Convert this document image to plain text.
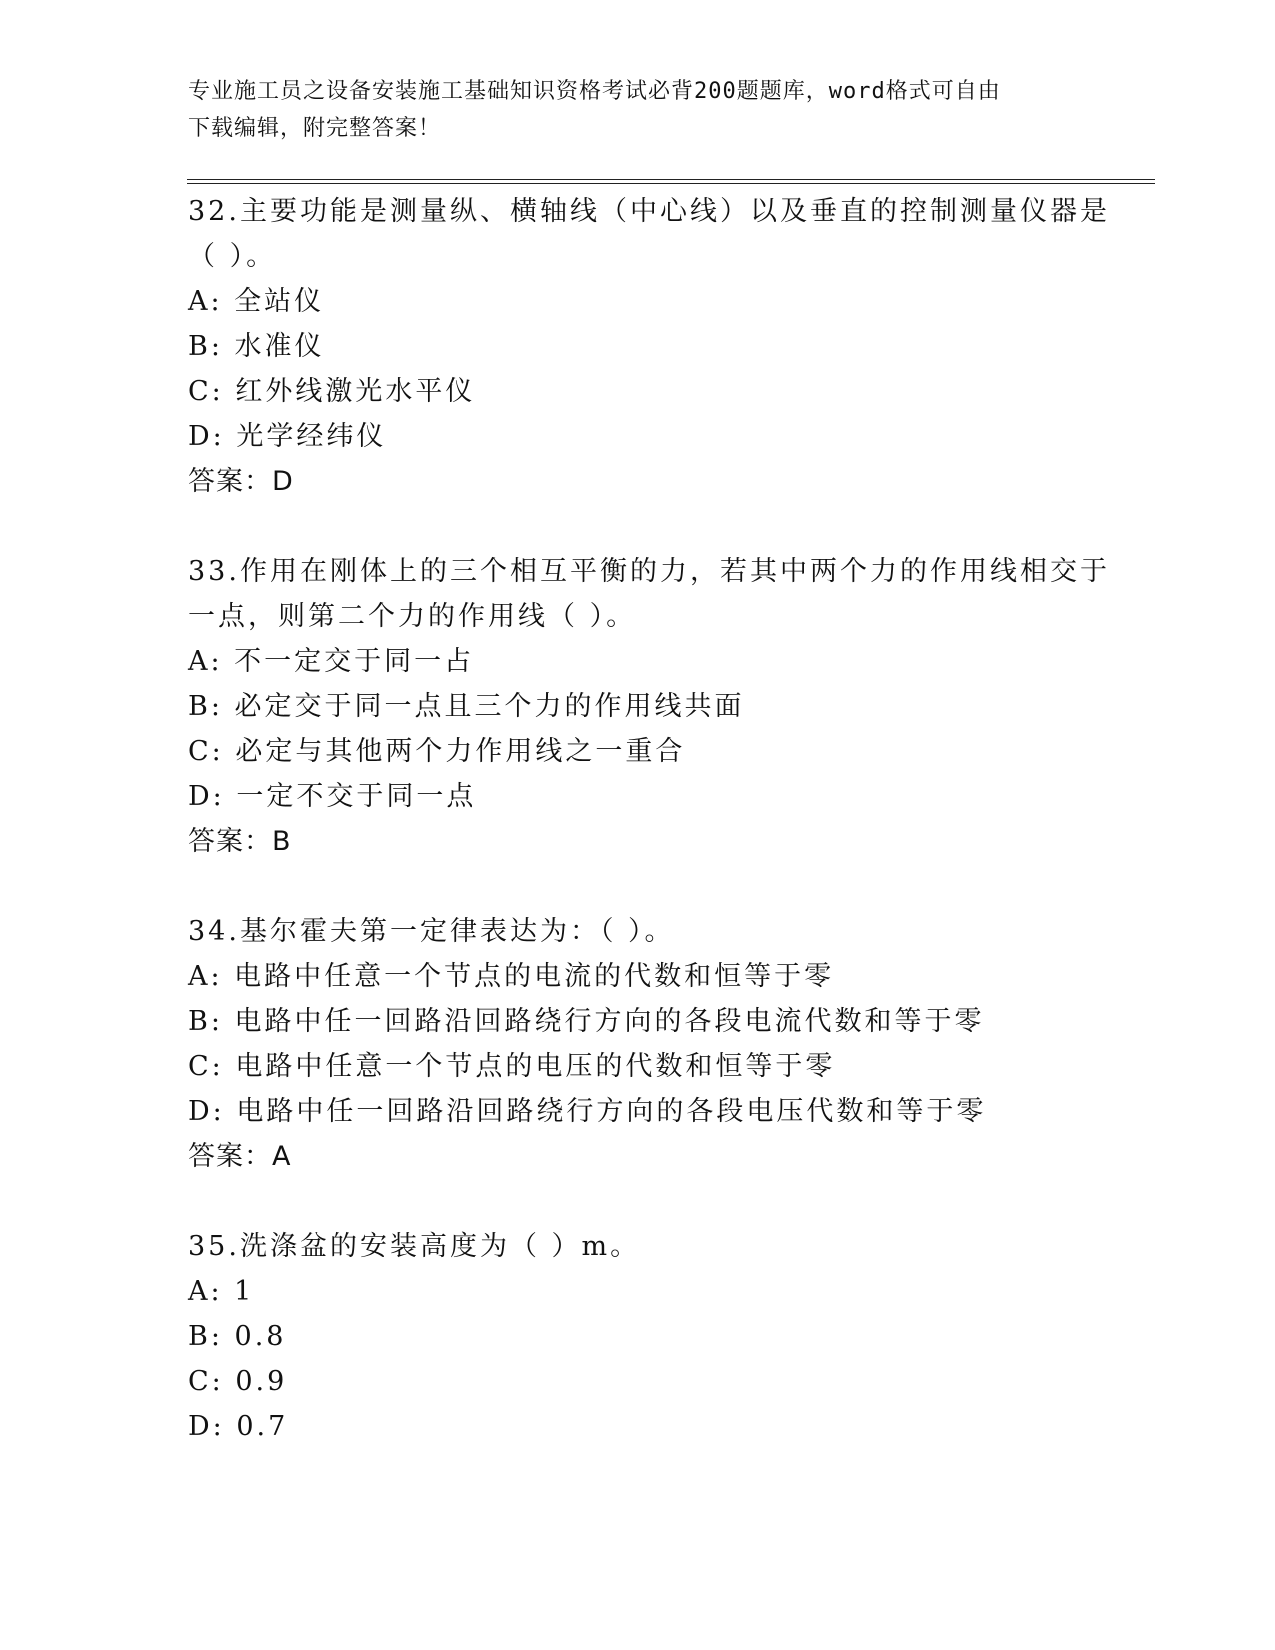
专业施工员之设备安装施工基础知识资格考试必背200题题库，word格式可自由
下载编辑，附完整答案！
32.主要功能是测量纵、横轴线（中心线）以及垂直的控制测量仪器是
（ ）。
A: 全站仪
B: 水准仪
C: 红外线激光水平仪
D: 光学经纬仪
答案：D
33.作用在刚体上的三个相互平衡的力，若其中两个力的作用线相交于
一点，则第二个力的作用线（ ）。
A: 不一定交于同一占
B: 必定交于同一点且三个力的作用线共面
C: 必定与其他两个力作用线之一重合
D: 一定不交于同一点
答案：B
34.基尔霍夫第一定律表达为：（ ）。
A: 电路中任意一个节点的电流的代数和恒等于零
B: 电路中任一回路沿回路绕行方向的各段电流代数和等于零
C: 电路中任意一个节点的电压的代数和恒等于零
D: 电路中任一回路沿回路绕行方向的各段电压代数和等于零
答案：A
35.洗涤盆的安装高度为（ ）m。
A: 1
B: 0.8
C: 0.9
D: 0.7
